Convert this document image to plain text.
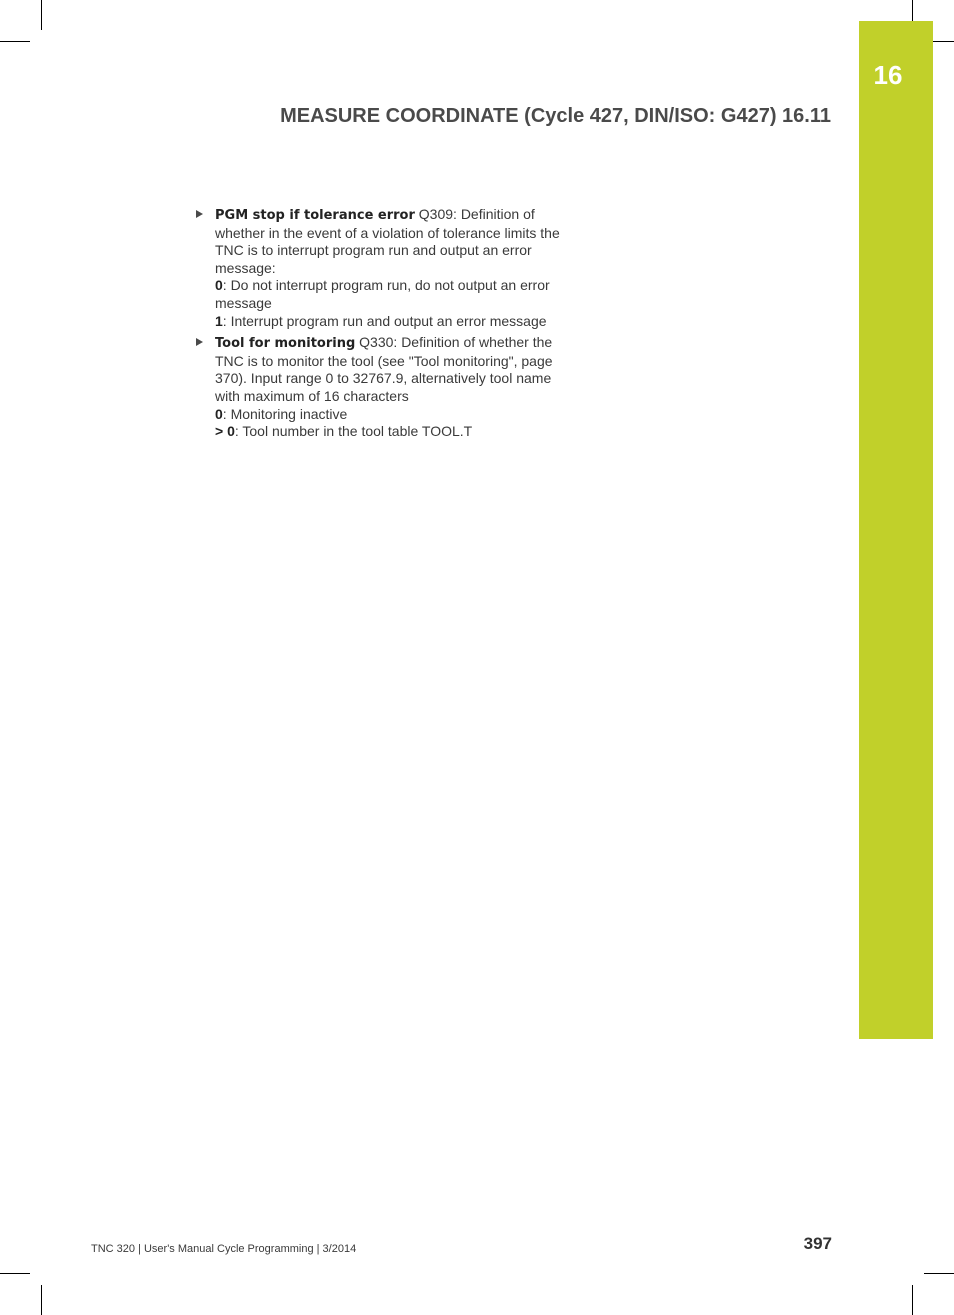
16
MEASURE COORDINATE (Cycle 427, DIN/ISO: G427) 16.11
PGM stop if tolerance error Q309: Definition of whether in the event of a violation of tolerance limits the TNC is to interrupt program run and output an error message:
0: Do not interrupt program run, do not output an error message
1: Interrupt program run and output an error message
Tool for monitoring Q330: Definition of whether the TNC is to monitor the tool (see "Tool monitoring", page 370). Input range 0 to 32767.9, alternatively tool name with maximum of 16 characters
0: Monitoring inactive
> 0: Tool number in the tool table TOOL.T
TNC 320 | User's Manual Cycle Programming | 3/2014	397
